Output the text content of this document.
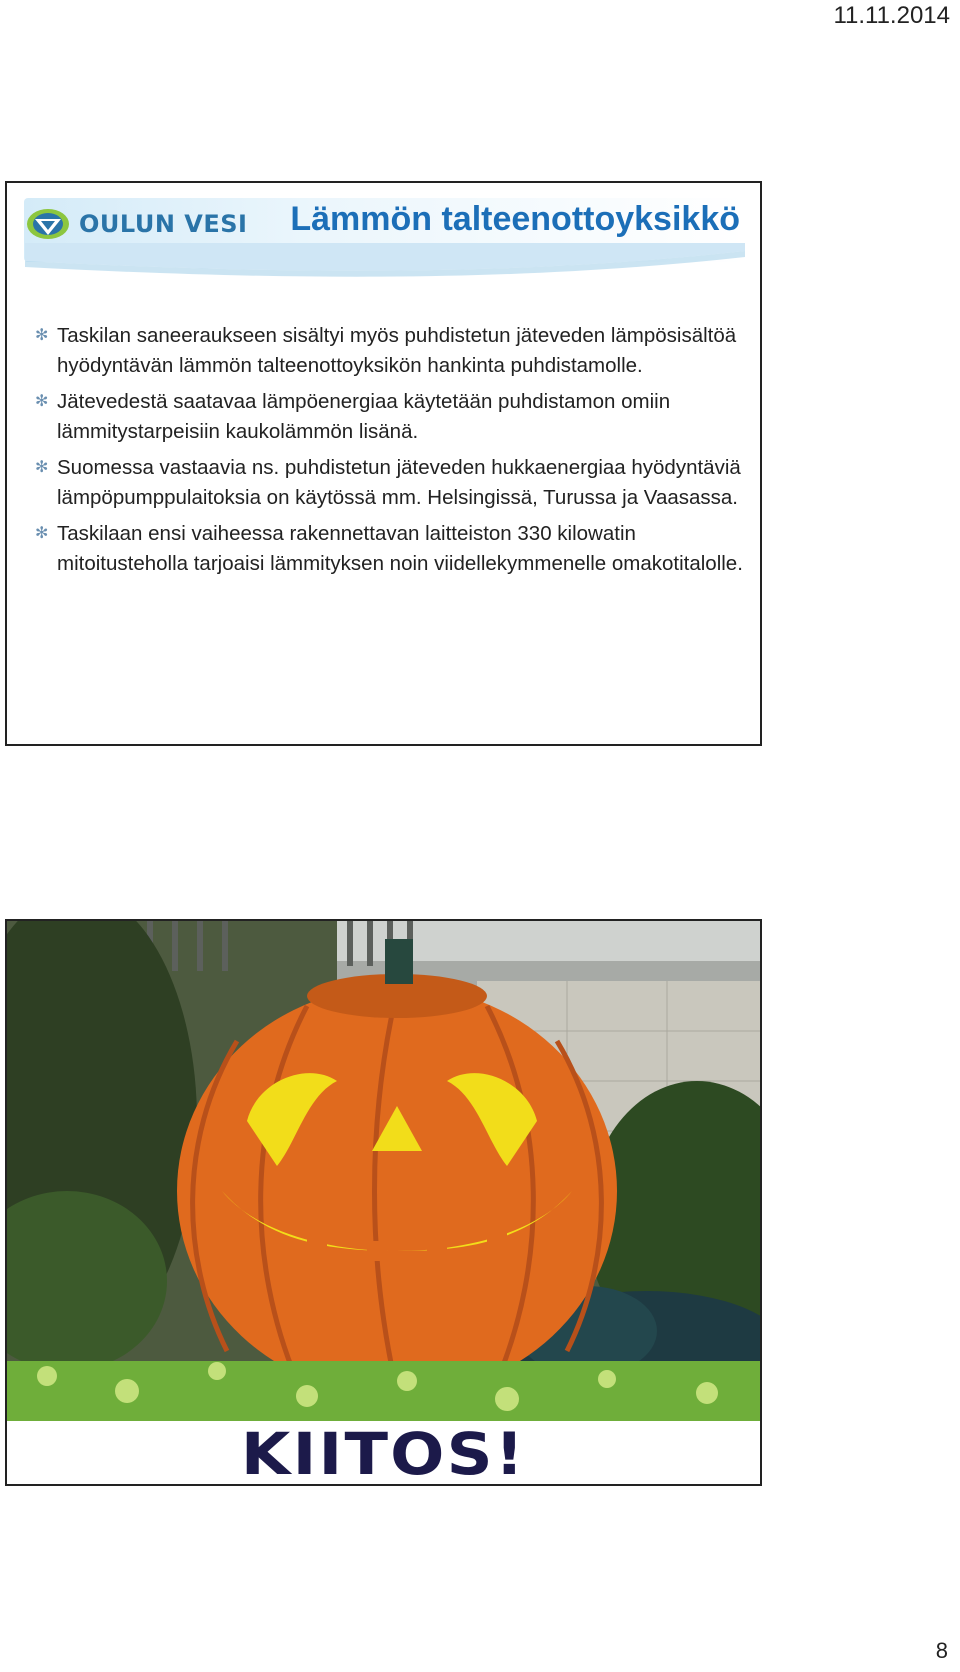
11.11.2014
OULUN VESI Lämmön talteenottoyksikkö
✻ Taskilan saneeraukseen sisältyi myös puhdistetun jäteveden lämpösisältöä hyödyntävän lämmön talteenottoyksikön hankinta puhdistamolle.
✻ Jätevedestä saatavaa lämpöenergiaa käytetään puhdistamon omiin lämmitystarpeisiin kaukolämmön lisänä.
✻ Suomessa vastaavia ns. puhdistetun jäteveden hukkaenergiaa hyödyntäviä lämpöpumppulaitoksia on käytössä mm. Helsingissä, Turussa ja Vaasassa.
✻ Taskilaan ensi vaiheessa rakennettavan laitteiston 330 kilowatin mitoitusteholla tarjoaisi lämmityksen noin viidellekymmenelle omakotitalolle.
KIITOS!
8
